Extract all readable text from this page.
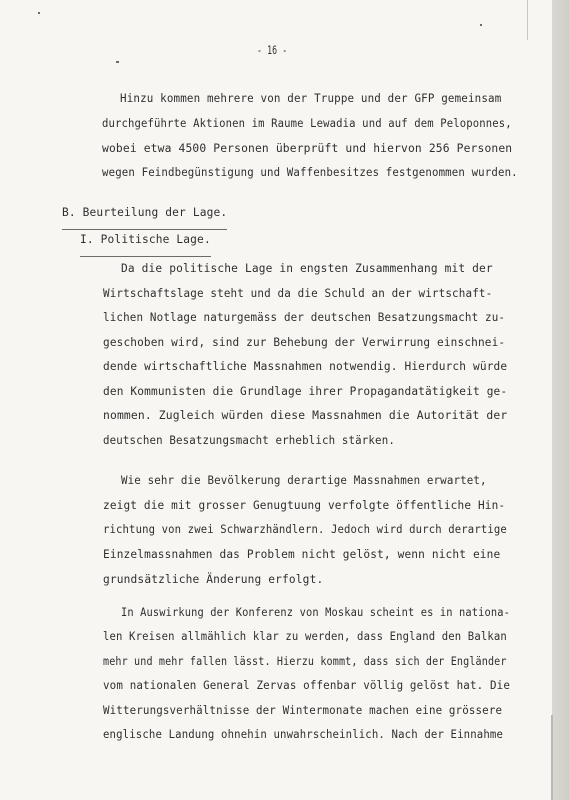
- 16 -
Hinzu kommen mehrere von der Truppe und der GFP gemeinsam
durchgeführte Aktionen im Raume Lewadia und auf dem Peloponnes,
wobei etwa 4500 Personen überprüft und hiervon 256 Personen
wegen Feindbegünstigung und Waffenbesitzes festgenommen wurden.
B. Beurteilung der Lage.
I. Politische Lage.
Da die politische Lage in engsten Zusammenhang mit der
Wirtschaftslage steht und da die Schuld an der wirtschaft-
lichen Notlage naturgemäss der deutschen Besatzungsmacht zu-
geschoben wird, sind zur Behebung der Verwirrung einschnei-
dende wirtschaftliche Massnahmen notwendig. Hierdurch würde
den Kommunisten die Grundlage ihrer Propagandatätigkeit ge-
nommen. Zugleich würden diese Massnahmen die Autorität der
deutschen Besatzungsmacht erheblich stärken.
Wie sehr die Bevölkerung derartige Massnahmen erwartet,
zeigt die mit grosser Genugtuung verfolgte öffentliche Hin-
richtung von zwei Schwarzhändlern. Jedoch wird durch derartige
Einzelmassnahmen das Problem nicht gelöst, wenn nicht eine
grundsätzliche Änderung erfolgt.
In Auswirkung der Konferenz von Moskau scheint es in nationa-
len Kreisen allmählich klar zu werden, dass England den Balkan
mehr und mehr fallen lässt. Hierzu kommt, dass sich der Engländer
vom nationalen General Zervas offenbar völlig gelöst hat. Die
Witterungsverhältnisse der Wintermonate machen eine grössere
englische Landung ohnehin unwahrscheinlich. Nach der Einnahme
